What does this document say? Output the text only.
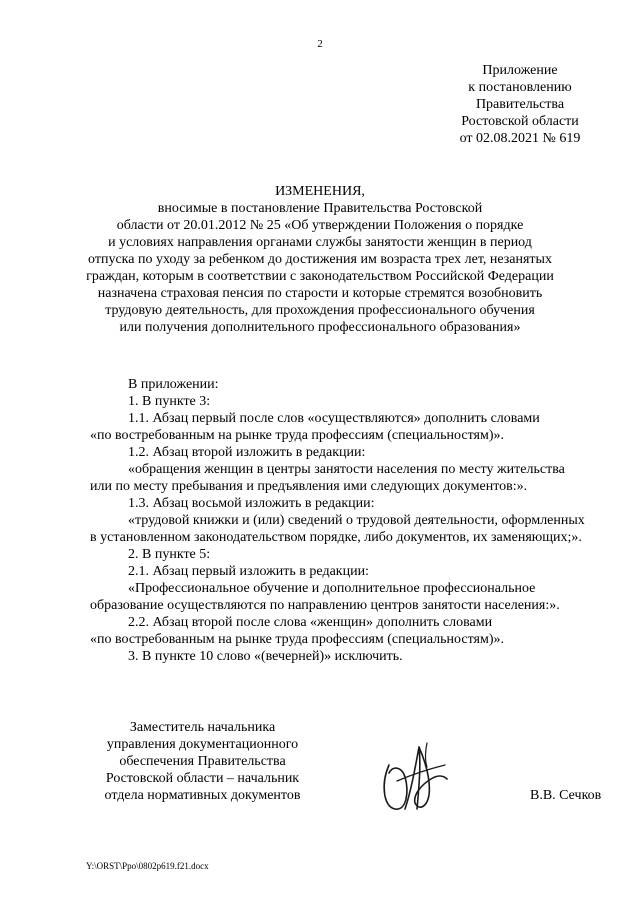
2
Приложение
к постановлению
Правительства
Ростовской области
от 02.08.2021 № 619
ИЗМЕНЕНИЯ,
вносимые в постановление Правительства Ростовской
области от 20.01.2012 № 25 «Об утверждении Положения о порядке
и условиях направления органами службы занятости женщин в период
отпуска по уходу за ребенком до достижения им возраста трех лет, незанятых
граждан, которым в соответствии с законодательством Российской Федерации
назначена страховая пенсия по старости и которые стремятся возобновить
трудовую деятельность, для прохождения профессионального обучения
или получения дополнительного профессионального образования»
В приложении:
1. В пункте 3:
1.1. Абзац первый после слов «осуществляются» дополнить словами
«по востребованным на рынке труда профессиям (специальностям)».
1.2. Абзац второй изложить в редакции:
«обращения женщин в центры занятости населения по месту жительства
или по месту пребывания и предъявления ими следующих документов:».
1.3. Абзац восьмой изложить в редакции:
«трудовой книжки и (или) сведений о трудовой деятельности, оформленных
в установленном законодательством порядке, либо документов, их заменяющих;».
2. В пункте 5:
2.1. Абзац первый изложить в редакции:
«Профессиональное обучение и дополнительное профессиональное
образование осуществляются по направлению центров занятости населения:».
2.2. Абзац второй после слова «женщин» дополнить словами
«по востребованным на рынке труда профессиям (специальностям)».
3. В пункте 10 слово «(вечерней)» исключить.
Заместитель начальника
управления документационного
обеспечения Правительства
Ростовской области – начальник
отдела нормативных документов	В.В. Сечков
Y:\ORST\Ppo\0802p619.f21.docx
